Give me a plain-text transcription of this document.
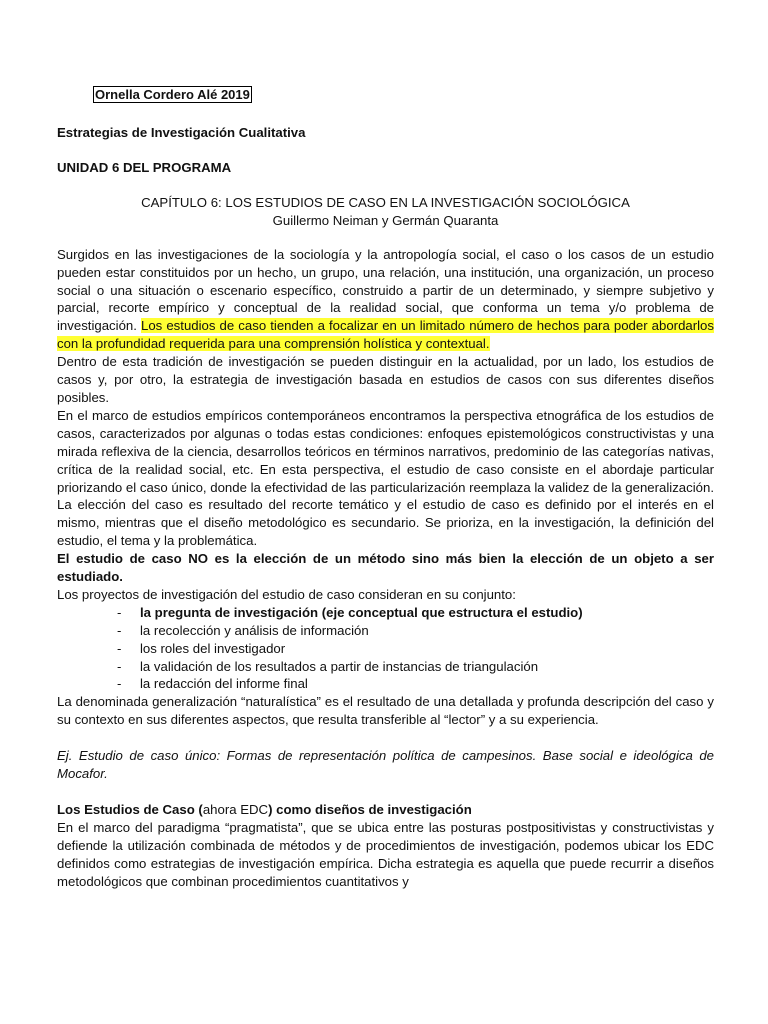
Ornella Cordero Alé 2019
Estrategias de Investigación Cualitativa
UNIDAD 6 DEL PROGRAMA
CAPÍTULO 6: LOS ESTUDIOS DE CASO EN LA INVESTIGACIÓN SOCIOLÓGICA
Guillermo Neiman y Germán Quaranta
Surgidos en las investigaciones de la sociología y la antropología social, el caso o los casos de un estudio pueden estar constituidos por un hecho, un grupo, una relación, una institución, una organización, un proceso social o una situación o escenario específico, construido a partir de un determinado, y siempre subjetivo y parcial, recorte empírico y conceptual de la realidad social, que conforma un tema y/o problema de investigación. Los estudios de caso tienden a focalizar en un limitado número de hechos para poder abordarlos con la profundidad requerida para una comprensión holística y contextual.
Dentro de esta tradición de investigación se pueden distinguir en la actualidad, por un lado, los estudios de casos y, por otro, la estrategia de investigación basada en estudios de casos con sus diferentes diseños posibles.
En el marco de estudios empíricos contemporáneos encontramos la perspectiva etnográfica de los estudios de casos, caracterizados por algunas o todas estas condiciones: enfoques epistemológicos constructivistas y una mirada reflexiva de la ciencia, desarrollos teóricos en términos narrativos, predominio de las categorías nativas, crítica de la realidad social, etc. En esta perspectiva, el estudio de caso consiste en el abordaje particular priorizando el caso único, donde la efectividad de las particularización reemplaza la validez de la generalización. La elección del caso es resultado del recorte temático y el estudio de caso es definido por el interés en el mismo, mientras que el diseño metodológico es secundario. Se prioriza, en la investigación, la definición del estudio, el tema y la problemática.
El estudio de caso NO es la elección de un método sino más bien la elección de un objeto a ser estudiado.
Los proyectos de investigación del estudio de caso consideran en su conjunto:
- la pregunta de investigación (eje conceptual que estructura el estudio)
- la recolección y análisis de información
- los roles del investigador
- la validación de los resultados a partir de instancias de triangulación
- la redacción del informe final
La denominada generalización “naturalística” es el resultado de una detallada y profunda descripción del caso y su contexto en sus diferentes aspectos, que resulta transferible al “lector” y a su experiencia.
Ej. Estudio de caso único: Formas de representación política de campesinos. Base social e ideológica de Mocafor.
Los Estudios de Caso (ahora EDC) como diseños de investigación
En el marco del paradigma “pragmatista”, que se ubica entre las posturas postpositivistas y constructivistas y defiende la utilización combinada de métodos y de procedimientos de investigación, podemos ubicar los EDC definidos como estrategias de investigación empírica. Dicha estrategia es aquella que puede recurrir a diseños metodológicos que combinan procedimientos cuantitativos y
